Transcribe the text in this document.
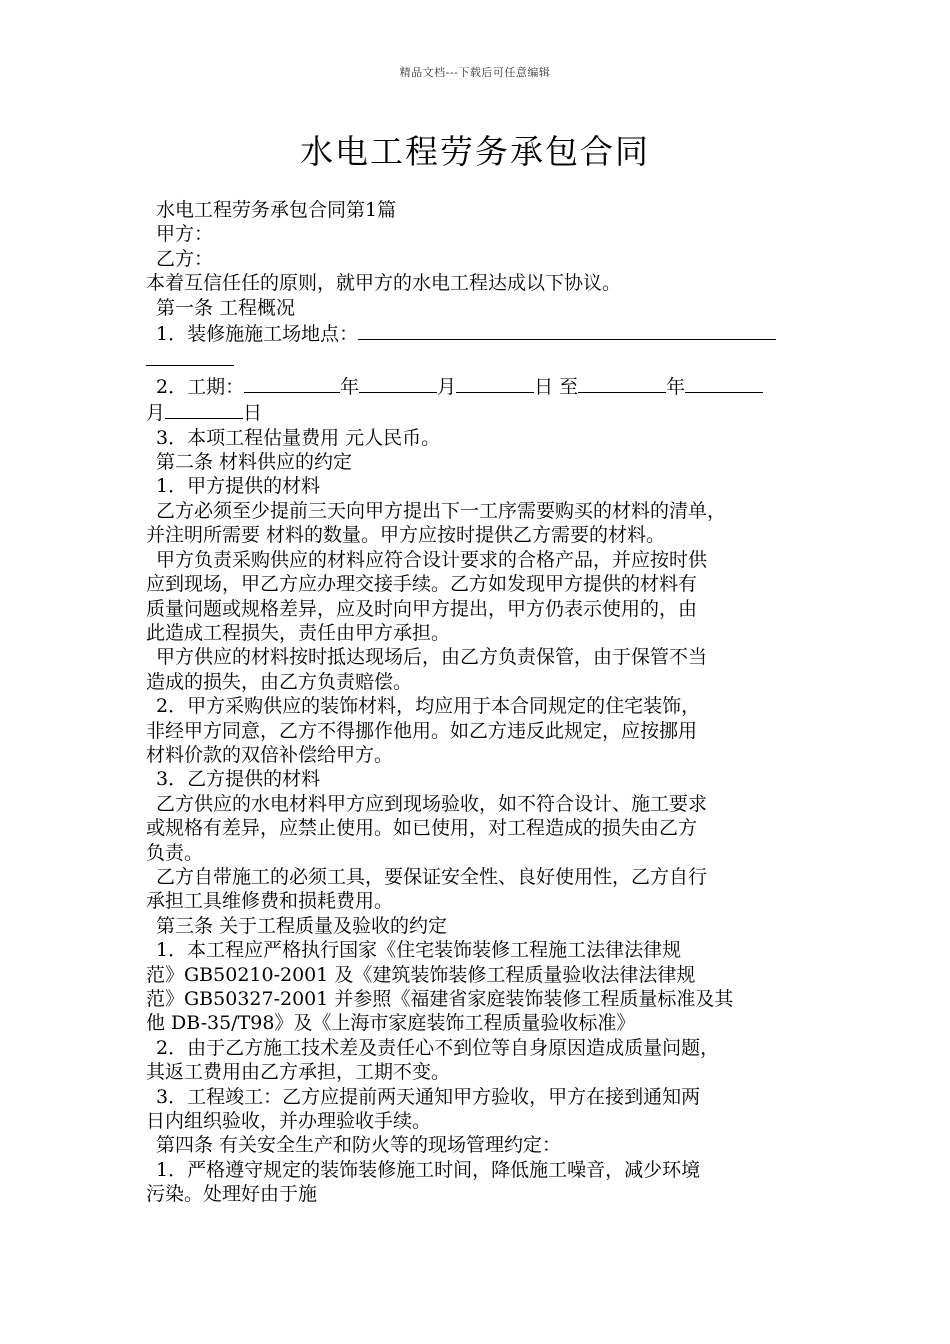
精品文档---下载后可任意编辑
水电工程劳务承包合同
水电工程劳务承包合同第1篇
甲方：
乙方：
本着互信任任的原则，就甲方的水电工程达成以下协议。
第一条 工程概况
1．装修施施工场地点：
2．工期：	年	月	日 至	年
月	日
3．本项工程估量费用 元人民币。
第二条 材料供应的约定
1．甲方提供的材料
乙方必须至少提前三天向甲方提出下一工序需要购买的材料的清单，
并注明所需要 材料的数量。甲方应按时提供乙方需要的材料。
甲方负责采购供应的材料应符合设计要求的合格产品，并应按时供
应到现场，甲乙方应办理交接手续。乙方如发现甲方提供的材料有
质量问题或规格差异，应及时向甲方提出，甲方仍表示使用的，由
此造成工程损失，责任由甲方承担。
甲方供应的材料按时抵达现场后，由乙方负责保管，由于保管不当
造成的损失，由乙方负责赔偿。
2．甲方采购供应的装饰材料，均应用于本合同规定的住宅装饰，
非经甲方同意，乙方不得挪作他用。如乙方违反此规定，应按挪用
材料价款的双倍补偿给甲方。
3．乙方提供的材料
乙方供应的水电材料甲方应到现场验收，如不符合设计、施工要求
或规格有差异，应禁止使用。如已使用，对工程造成的损失由乙方
负责。
乙方自带施工的必须工具，要保证安全性、良好使用性，乙方自行
承担工具维修费和损耗费用。
第三条 关于工程质量及验收的约定
1．本工程应严格执行国家《住宅装饰装修工程施工法律法律规
范》GB50210-2001 及《建筑装饰装修工程质量验收法律法律规
范》GB50327-2001 并参照《福建省家庭装饰装修工程质量标准及其
他 DB-35/T98》及《上海市家庭装饰工程质量验收标准》
2．由于乙方施工技术差及责任心不到位等自身原因造成质量问题，
其返工费用由乙方承担，工期不变。
3．工程竣工：乙方应提前两天通知甲方验收，甲方在接到通知两
日内组织验收，并办理验收手续。
第四条 有关安全生产和防火等的现场管理约定：
1．严格遵守规定的装饰装修施工时间，降低施工噪音，减少环境
污染。处理好由于施
